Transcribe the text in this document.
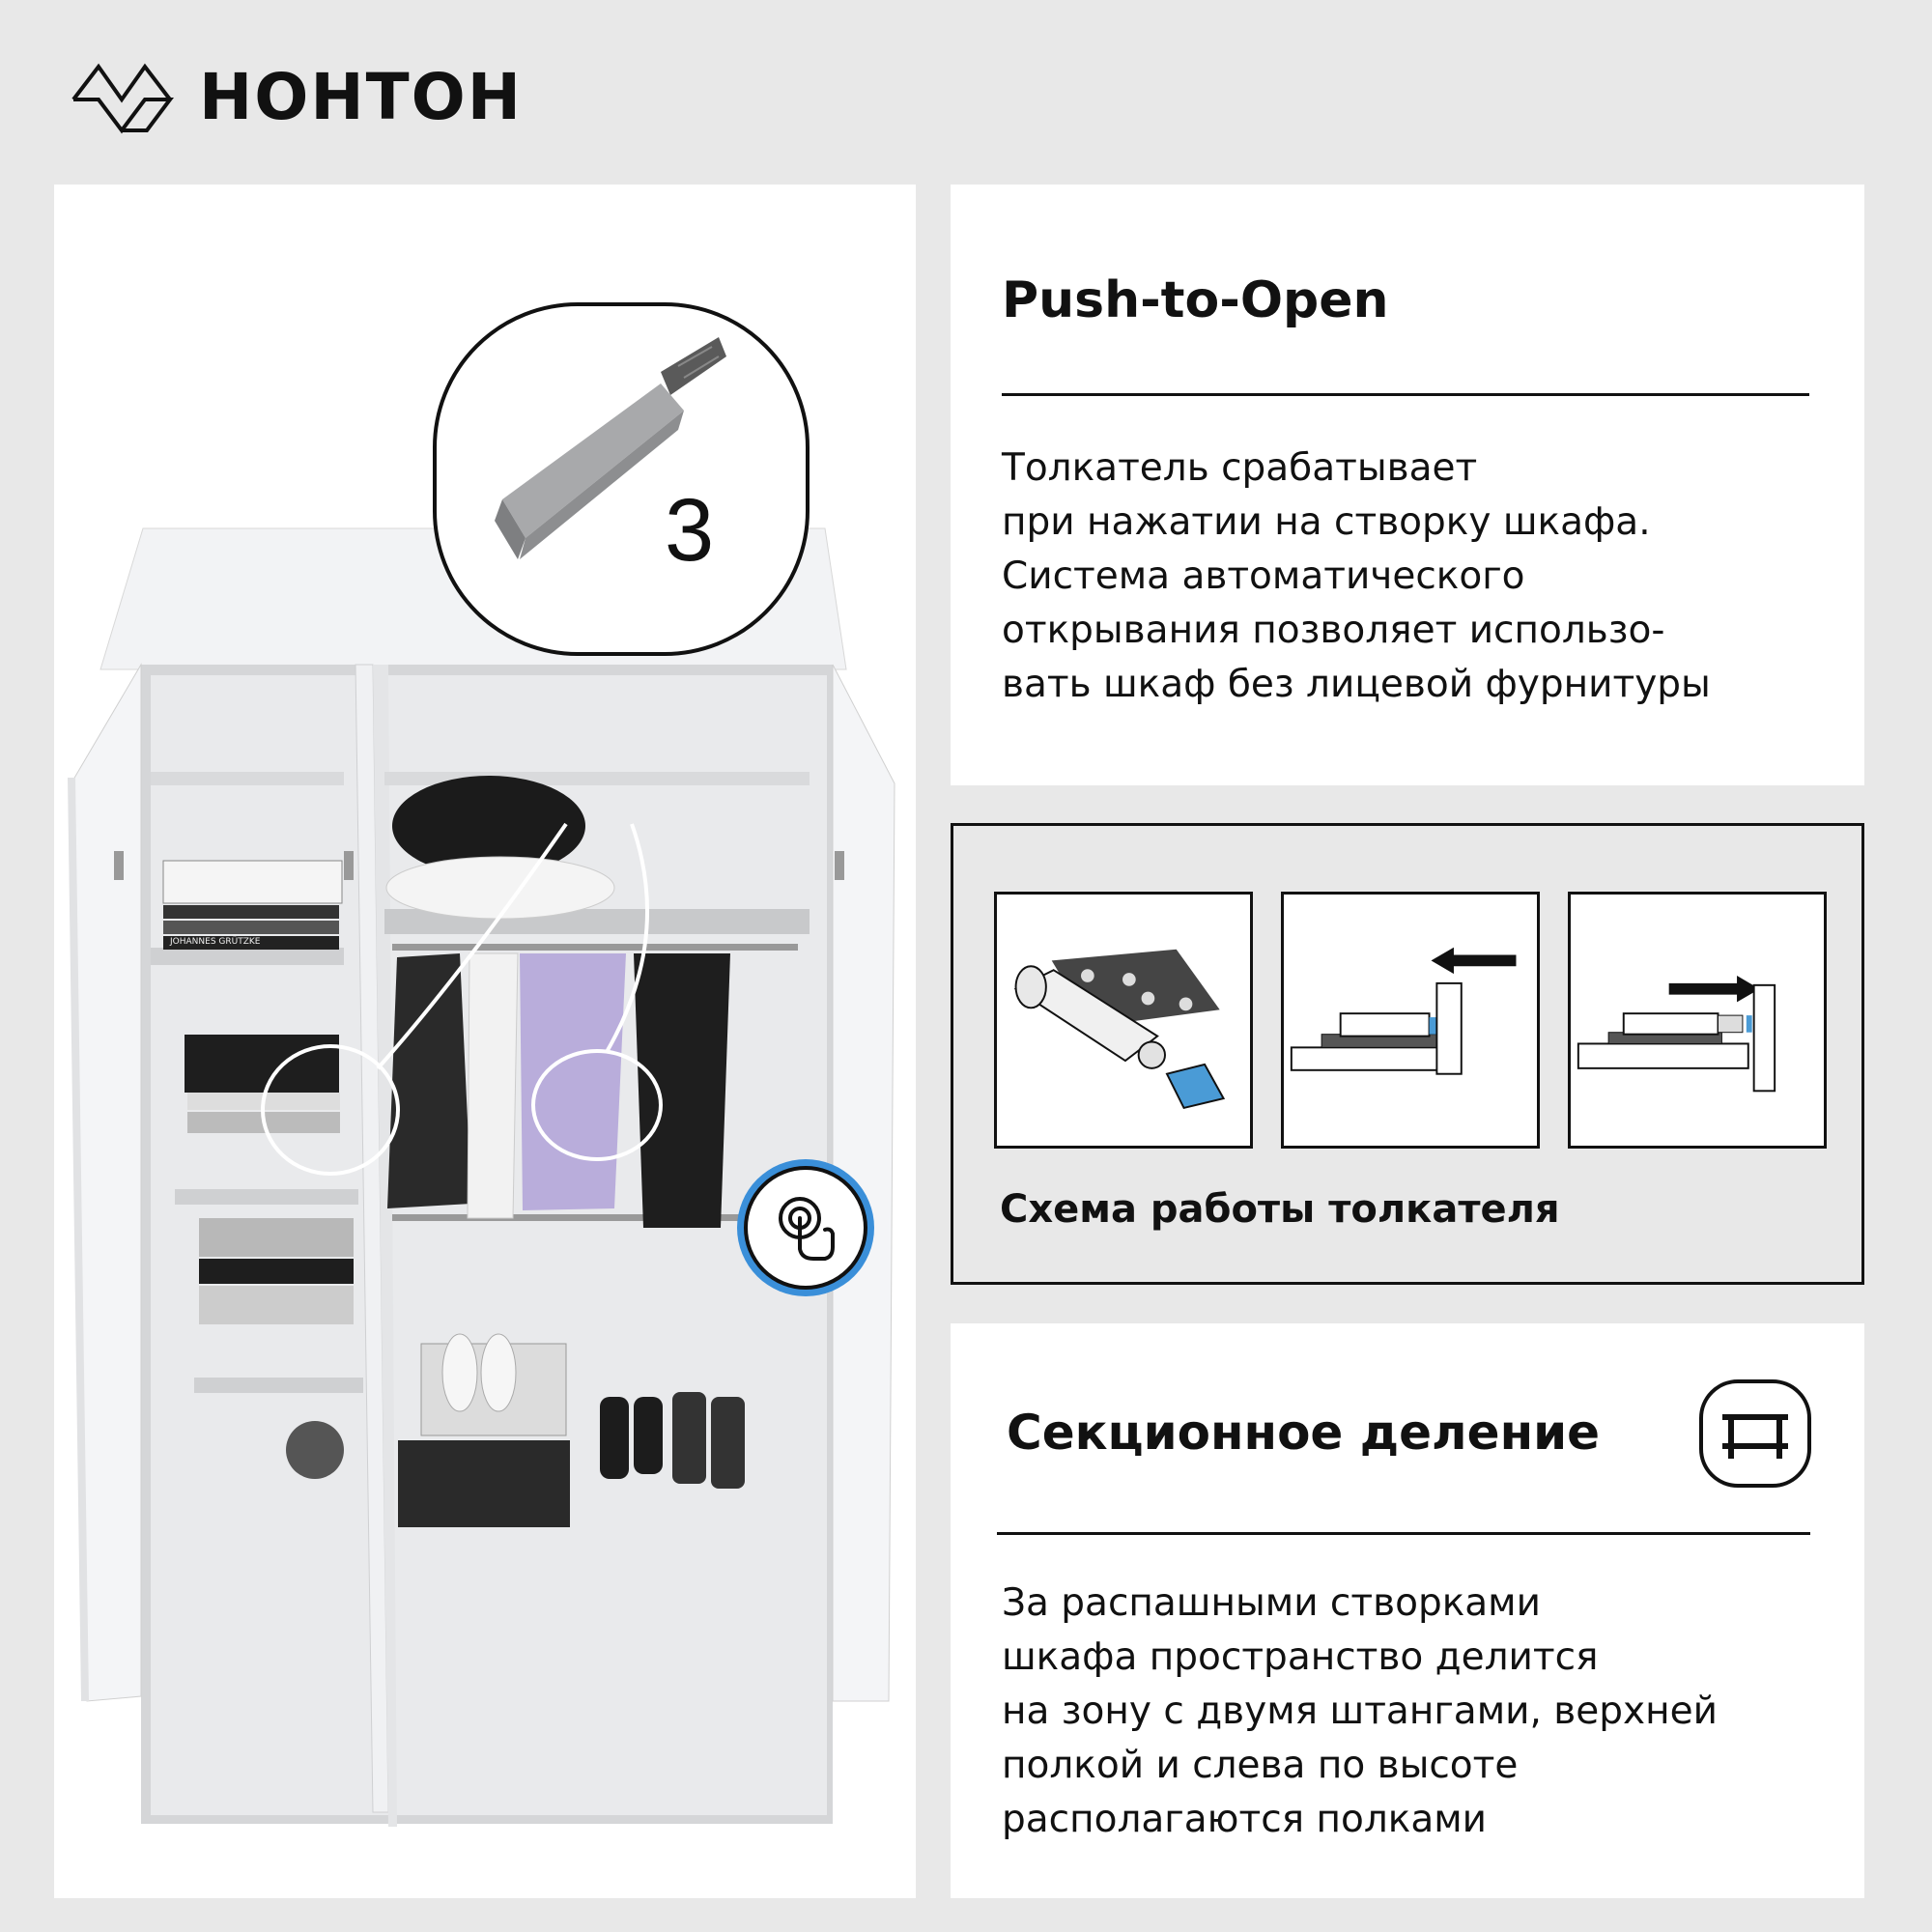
НОНТОН
JOHANNES GRÜTZKE
3
Push-to-Open
Толкатель срабатывает
при нажатии на створку шкафа.
Система автоматического
открывания позволяет использо-
вать шкаф без лицевой фурнитуры
Схема работы толкателя
Секционное деление
За распашными створками
шкафа пространство делится
на зону с двумя штангами, верхней
полкой и слева по высоте
располагаются полками
